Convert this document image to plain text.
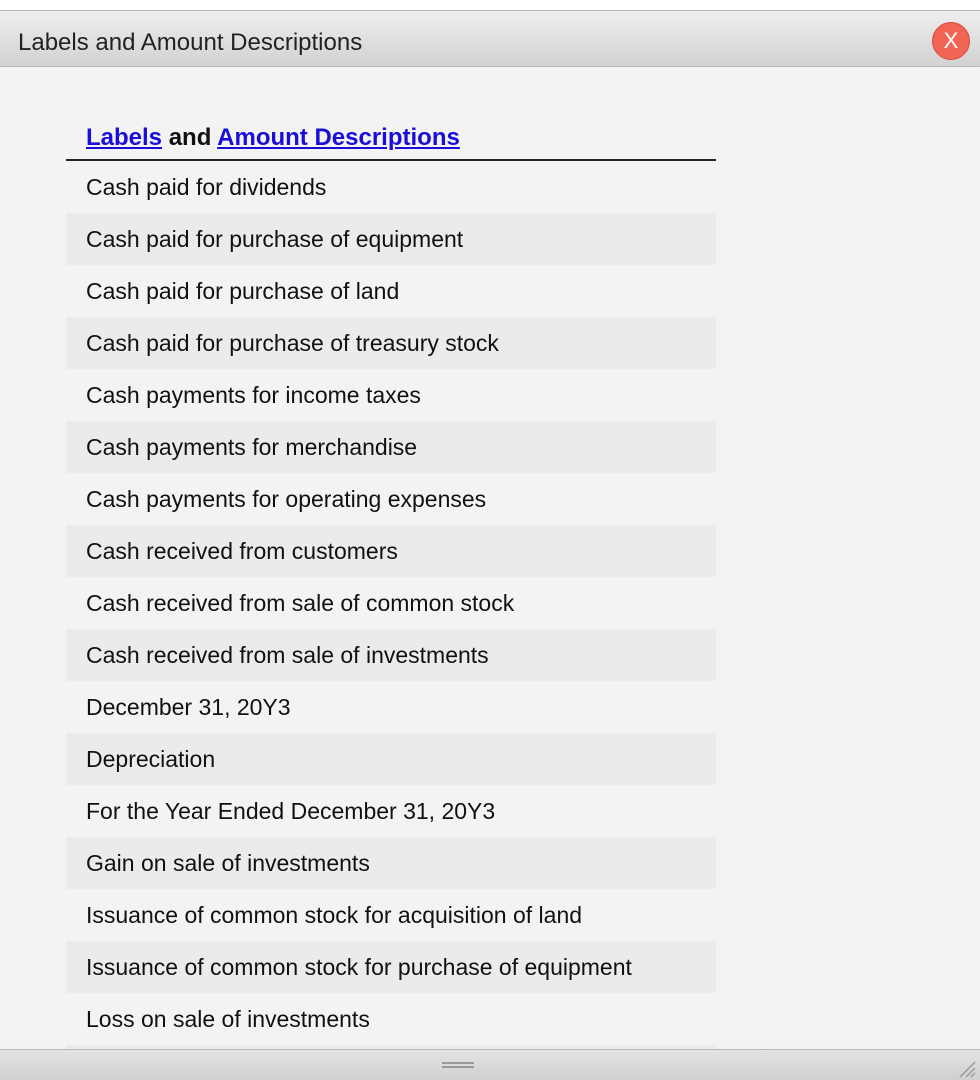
Labels and Amount Descriptions	X
Labels and Amount Descriptions
Cash paid for dividends
Cash paid for purchase of equipment
Cash paid for purchase of land
Cash paid for purchase of treasury stock
Cash payments for income taxes
Cash payments for merchandise
Cash payments for operating expenses
Cash received from customers
Cash received from sale of common stock
Cash received from sale of investments
December 31, 20Y3
Depreciation
For the Year Ended December 31, 20Y3
Gain on sale of investments
Issuance of common stock for acquisition of land
Issuance of common stock for purchase of equipment
Loss on sale of investments
